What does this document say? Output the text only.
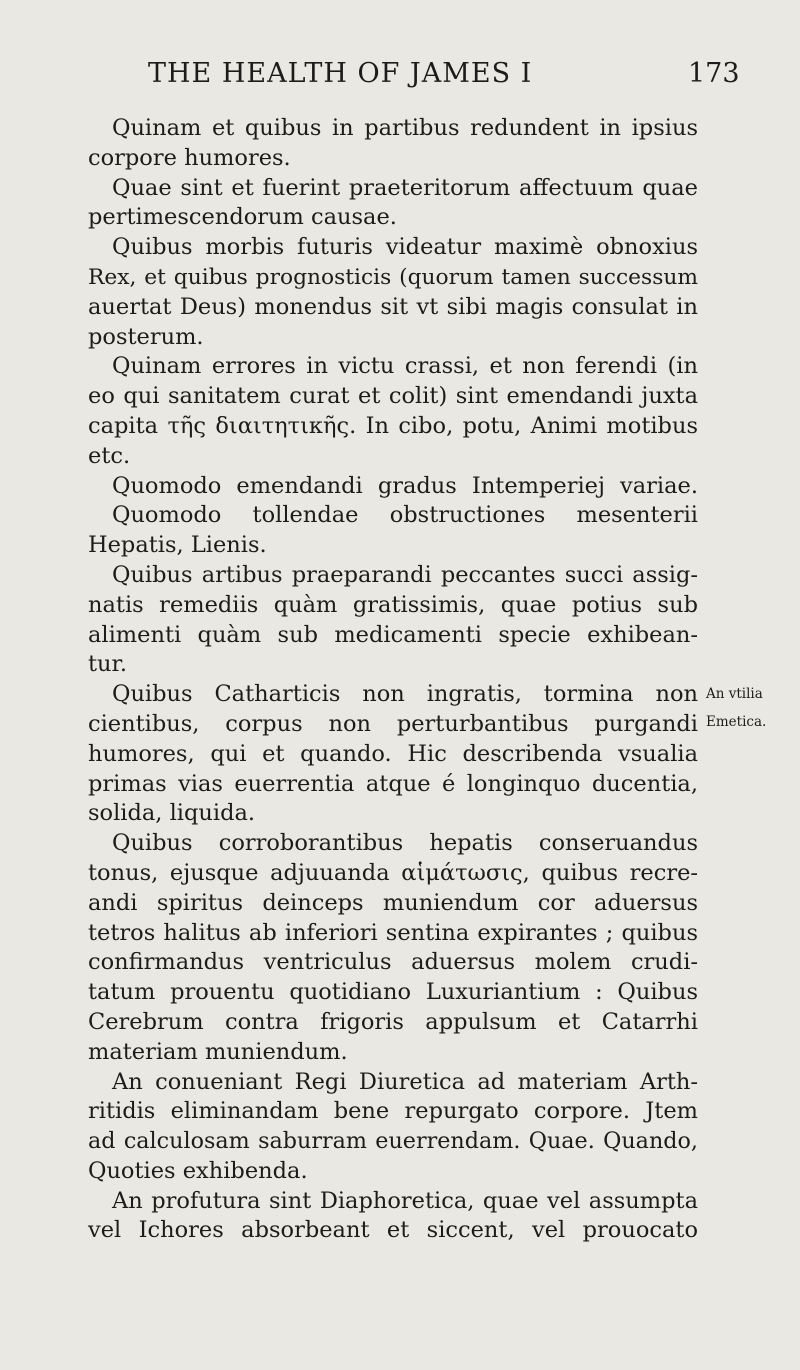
THE HEALTH OF JAMES I	173
Quinam et quibus in partibus redundent in ipsius
corpore humores.
Quae sint et fuerint praeteritorum affectuum quae
pertimescendorum causae.
Quibus morbis futuris videatur maximè obnoxius
Rex, et quibus prognosticis (quorum tamen successum
auertat Deus) monendus sit vt sibi magis consulat in
posterum.
Quinam errores in victu crassi, et non ferendi (in
eo qui sanitatem curat et colit) sint emendandi juxta
capita τῆς διαιτητικῆς. In cibo, potu, Animi motibus
etc.
Quomodo emendandi gradus Intemperiej variae.
Quomodo tollendae obstructiones mesenterii
Hepatis, Lienis.
Quibus artibus praeparandi peccantes succi assig-
natis remediis quàm gratissimis, quae potius sub
alimenti quàm sub medicamenti specie exhibean-
tur.
Quibus Catharticis non ingratis, tormina non
cientibus, corpus non perturbantibus purgandi
humores, qui et quando. Hic describenda vsualia
primas vias euerrentia atque é longinquo ducentia,
solida, liquida.
Quibus corroborantibus hepatis conseruandus
tonus, ejusque adjuuanda αἱμάτωσις, quibus recre-
andi spiritus deinceps muniendum cor aduersus
tetros halitus ab inferiori sentina expirantes ; quibus
confirmandus ventriculus aduersus molem crudi-
tatum prouentu quotidiano Luxuriantium : Quibus
Cerebrum contra frigoris appulsum et Catarrhi
materiam muniendum.
An conueniant Regi Diuretica ad materiam Arth-
ritidis eliminandam bene repurgato corpore. Jtem
ad calculosam saburram euerrendam. Quae. Quando,
Quoties exhibenda.
An profutura sint Diaphoretica, quae vel assumpta
vel Ichores absorbeant et siccent, vel prouocato
An vtilia
Emetica.
